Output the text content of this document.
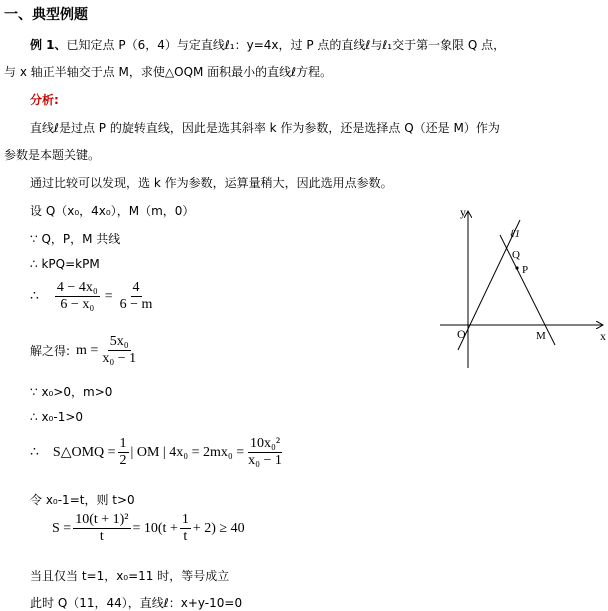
一、典型例题
例 1、已知定点 P（6，4）与定直线ℓ₁：y=4x，过 P 点的直线ℓ与ℓ₁交于第一象限 Q 点，
与 x 轴正半轴交于点 M，求使△OQM 面积最小的直线ℓ方程。
分析:
直线ℓ是过点 P 的旋转直线，因此是选其斜率 k 作为参数，还是选择点 Q（还是 M）作为
参数是本题关键。
通过比较可以发现，选 k 作为参数，运算量稍大，因此选用点参数。
设 Q（x₀，4x₀），M（m，0）
∵ Q，P，M 共线
∴ kPQ=kPM
∴ $\frac{\text{4 − 4x₀}}{\text{6 − x₀}} = \frac{4}{6 - m}$
解之得: $m = \frac{\text{5x₀}}{\text{x₀ − 1}}$
∵ x₀>0，m>0
∴ x₀-1>0
∴ S△OMQ = $\frac{1}{2}$ | OM | $4x_0 = 2mx_0 = \frac{\text{10x₀²}}{\text{x₀ − 1}}$
令 x₀-1=t，则 t>0
$S = \frac{\text{10(t + 1)²}}{t} = 10(t + \frac{1}{t} + 2) \ge 40$
当且仅当 t=1，x₀=11 时，等号成立
此时 Q（11，44），直线ℓ：x+y-10=0
y
x
O
Q
P
M
ℓ1
